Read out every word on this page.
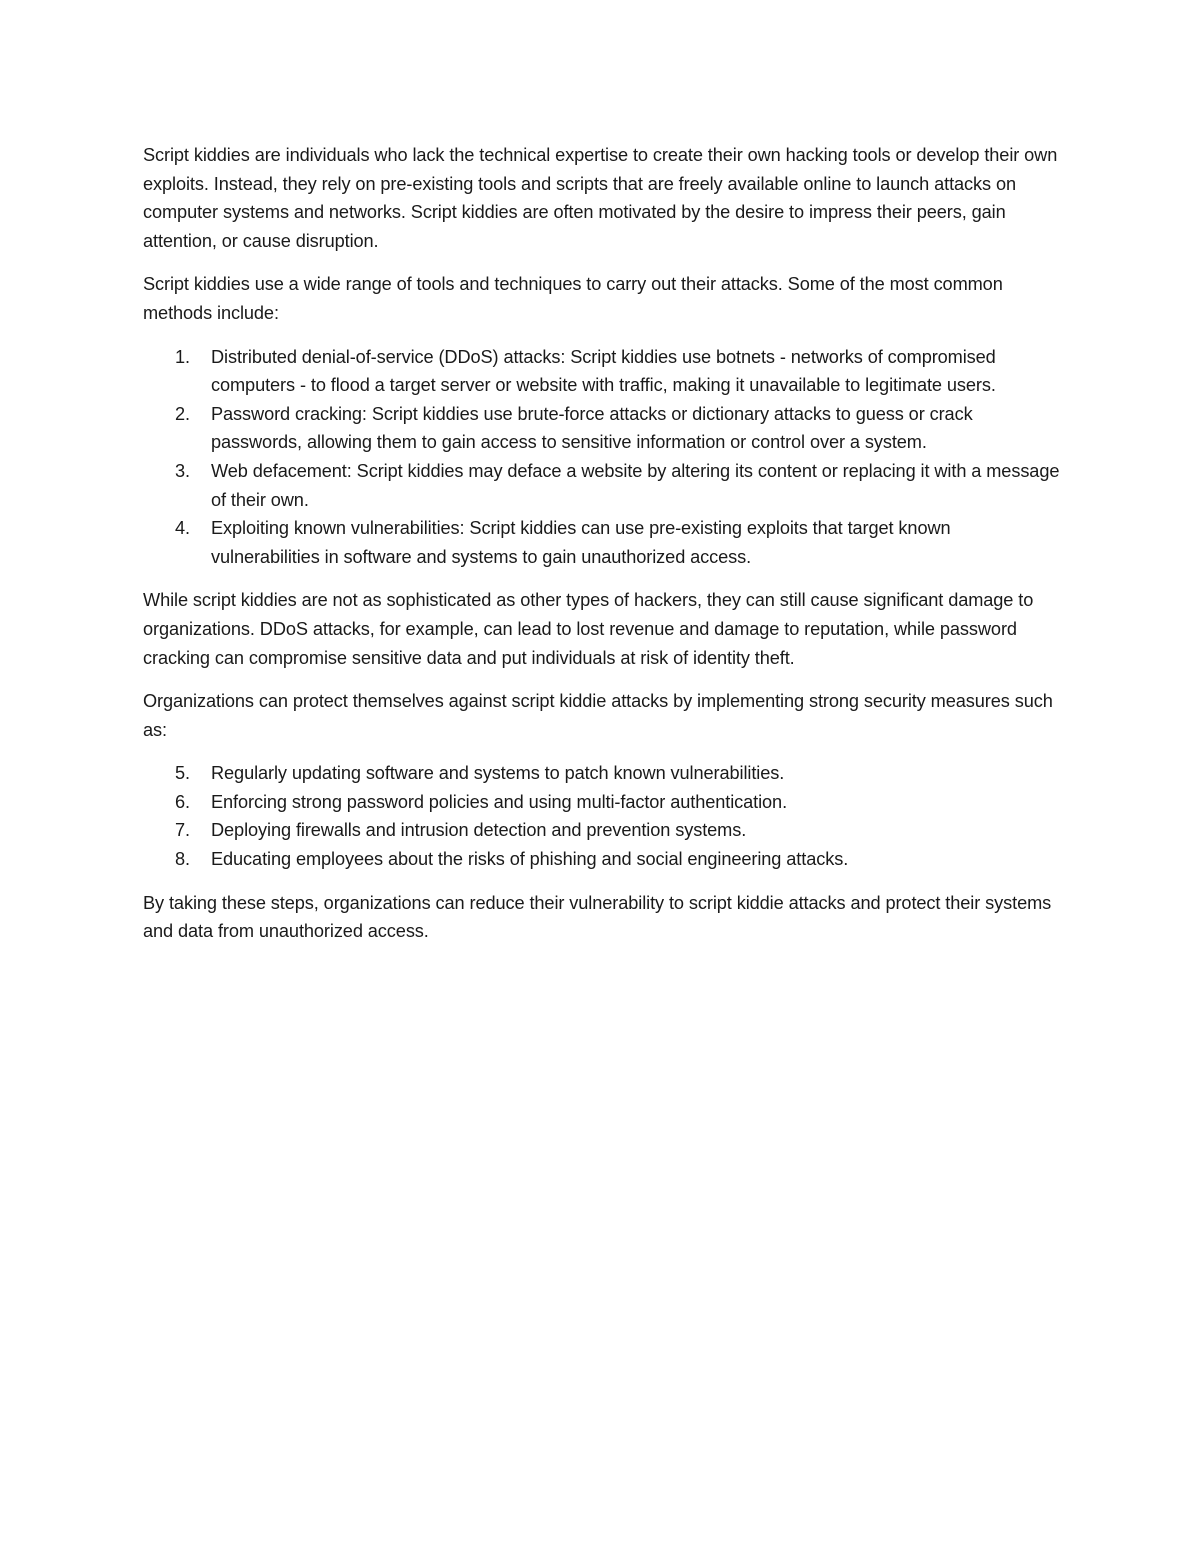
Script kiddies are individuals who lack the technical expertise to create their own hacking tools or develop their own exploits. Instead, they rely on pre-existing tools and scripts that are freely available online to launch attacks on computer systems and networks. Script kiddies are often motivated by the desire to impress their peers, gain attention, or cause disruption.

Script kiddies use a wide range of tools and techniques to carry out their attacks. Some of the most common methods include:

1.	Distributed denial-of-service (DDoS) attacks: Script kiddies use botnets - networks of compromised computers - to flood a target server or website with traffic, making it unavailable to legitimate users.
2.	Password cracking: Script kiddies use brute-force attacks or dictionary attacks to guess or crack passwords, allowing them to gain access to sensitive information or control over a system.
3.	Web defacement: Script kiddies may deface a website by altering its content or replacing it with a message of their own.
4.	Exploiting known vulnerabilities: Script kiddies can use pre-existing exploits that target known vulnerabilities in software and systems to gain unauthorized access.

While script kiddies are not as sophisticated as other types of hackers, they can still cause significant damage to organizations. DDoS attacks, for example, can lead to lost revenue and damage to reputation, while password cracking can compromise sensitive data and put individuals at risk of identity theft.

Organizations can protect themselves against script kiddie attacks by implementing strong security measures such as:

5.	Regularly updating software and systems to patch known vulnerabilities.
6.	Enforcing strong password policies and using multi-factor authentication.
7.	Deploying firewalls and intrusion detection and prevention systems.
8.	Educating employees about the risks of phishing and social engineering attacks.

By taking these steps, organizations can reduce their vulnerability to script kiddie attacks and protect their systems and data from unauthorized access.
